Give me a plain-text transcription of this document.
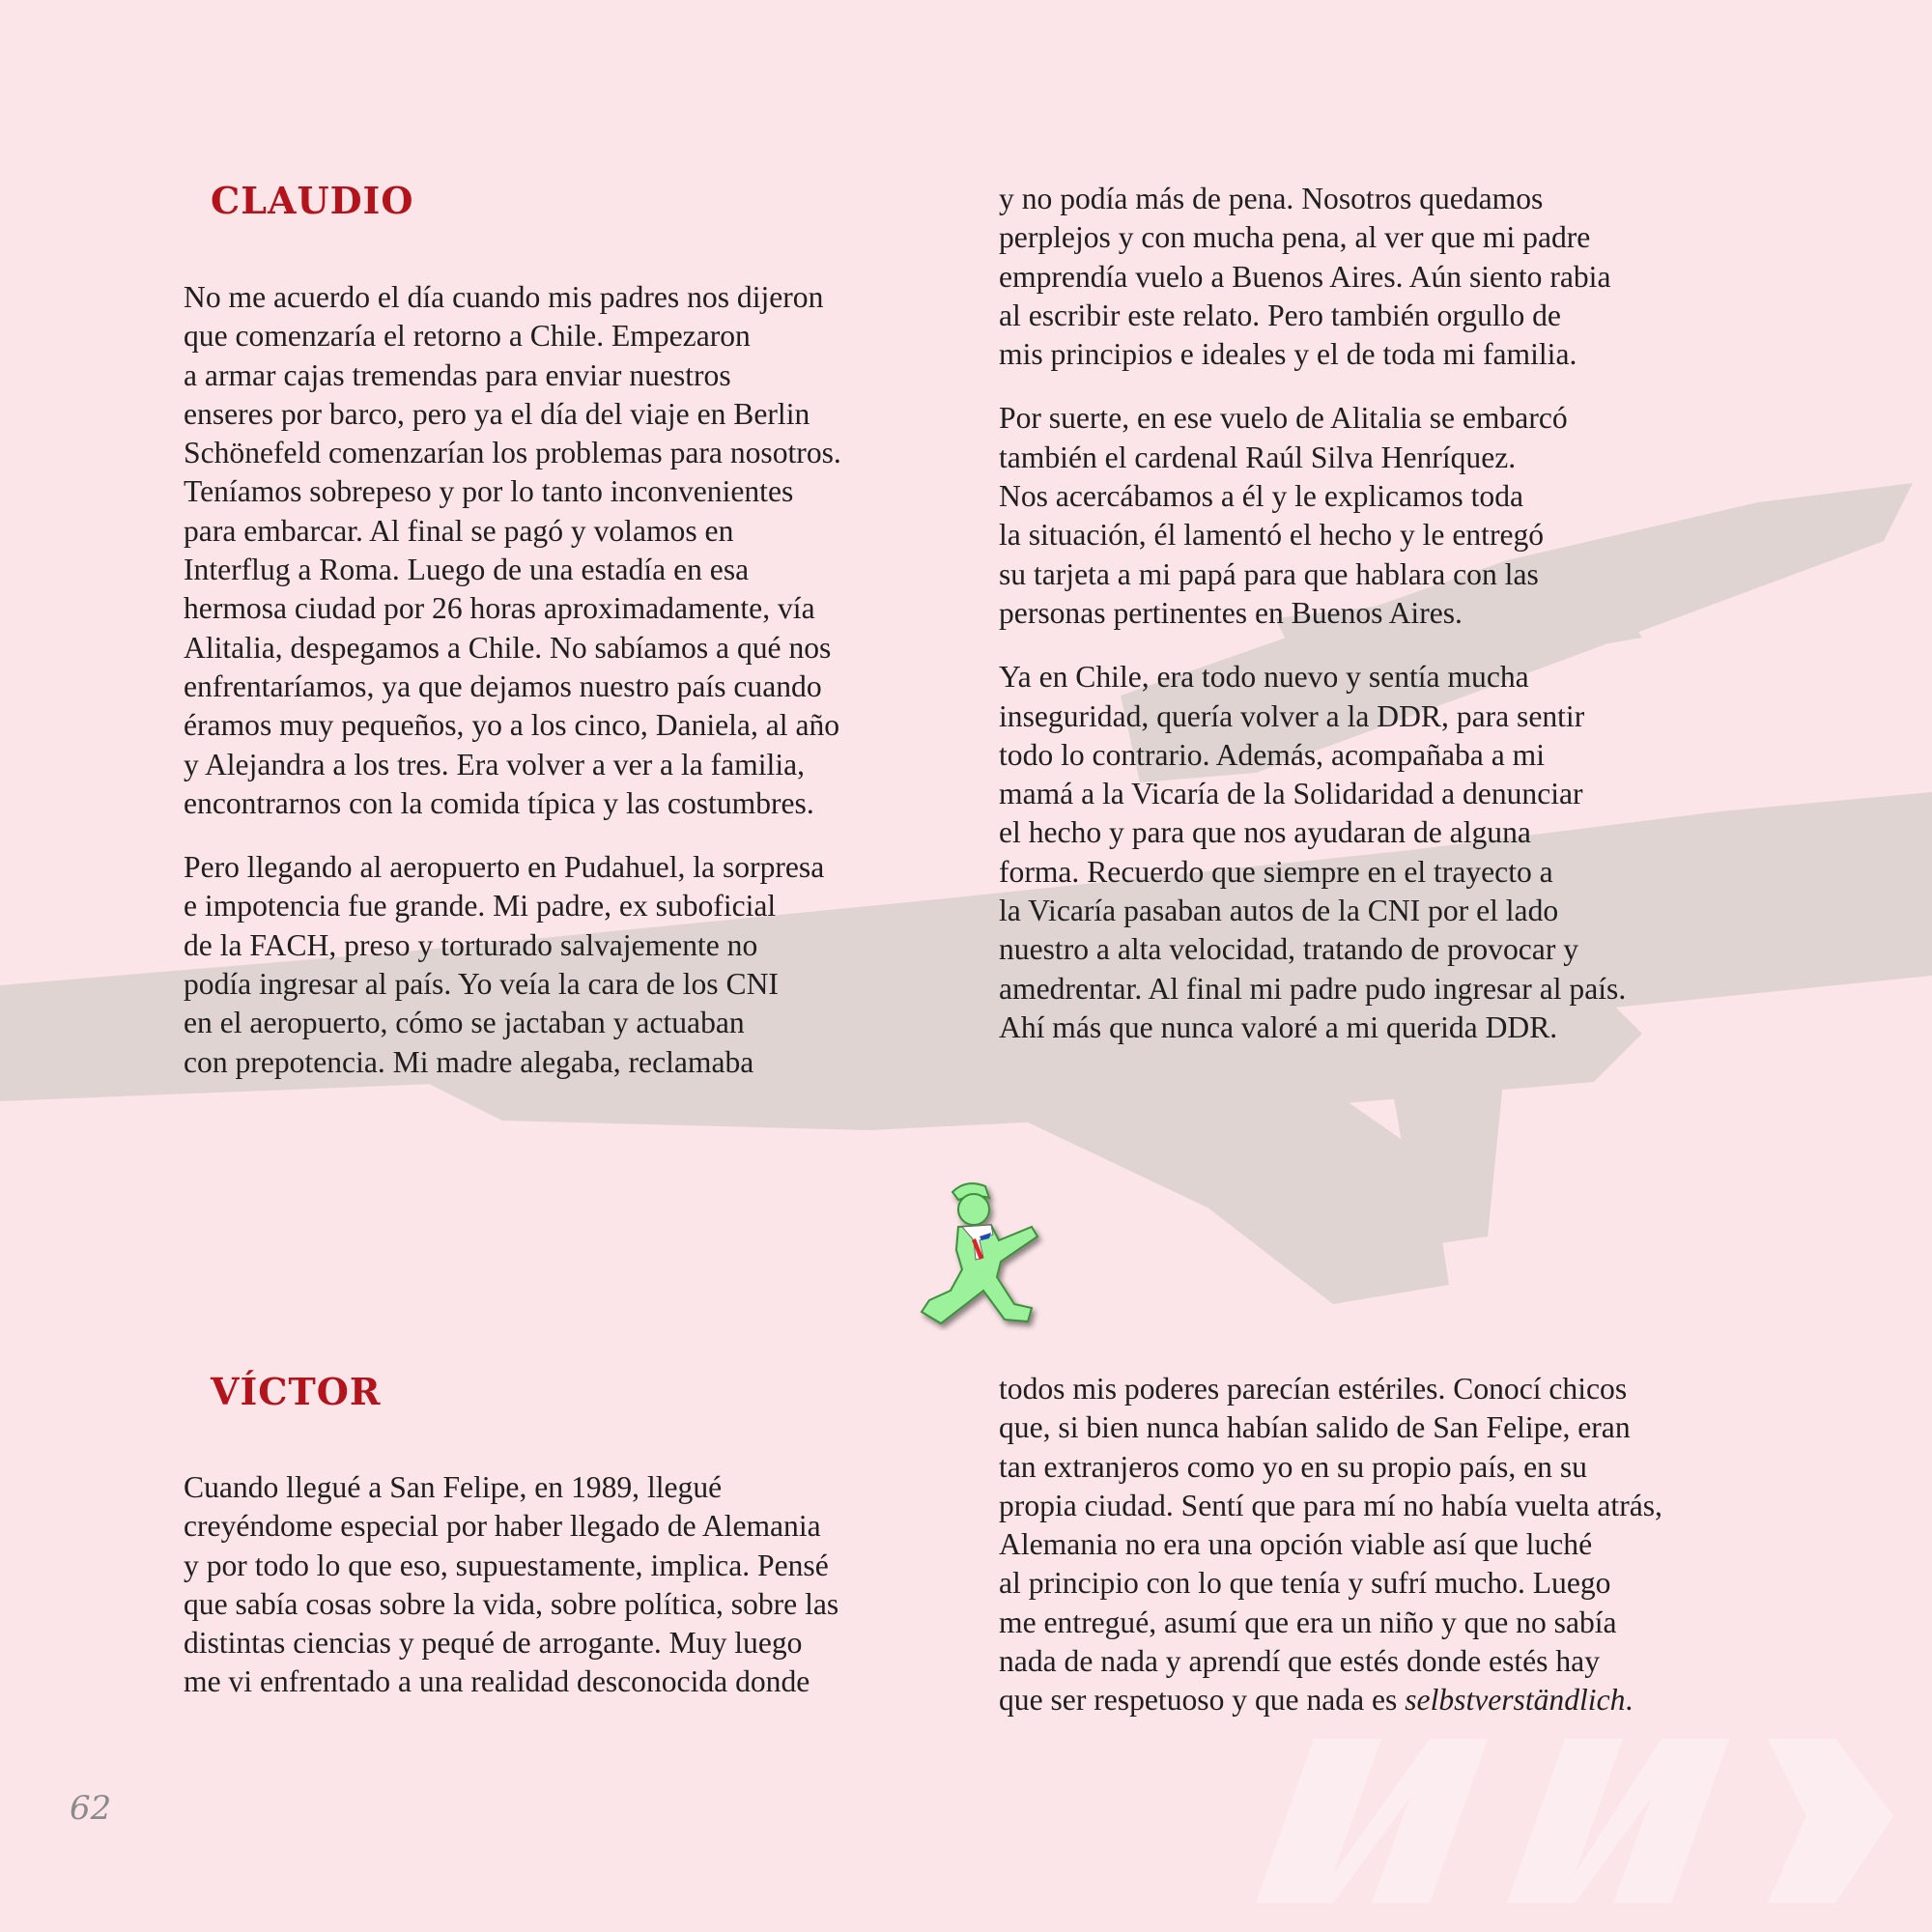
CLAUDIO

No me acuerdo el día cuando mis padres nos dijeron
que comenzaría el retorno a Chile. Empezaron
a armar cajas tremendas para enviar nuestros
enseres por barco, pero ya el día del viaje en Berlin
Schönefeld comenzarían los problemas para nosotros.
Teníamos sobrepeso y por lo tanto inconvenientes
para embarcar. Al final se pagó y volamos en
Interflug a Roma. Luego de una estadía en esa
hermosa ciudad por 26 horas aproximadamente, vía
Alitalia, despegamos a Chile. No sabíamos a qué nos
enfrentaríamos, ya que dejamos nuestro país cuando
éramos muy pequeños, yo a los cinco, Daniela, al año
y Alejandra a los tres. Era volver a ver a la familia,
encontrarnos con la comida típica y las costumbres.

Pero llegando al aeropuerto en Pudahuel, la sorpresa
e impotencia fue grande. Mi padre, ex suboficial
de la FACH, preso y torturado salvajemente no
podía ingresar al país. Yo veía la cara de los CNI
en el aeropuerto, cómo se jactaban y actuaban
con prepotencia. Mi madre alegaba, reclamaba

y no podía más de pena. Nosotros quedamos
perplejos y con mucha pena, al ver que mi padre
emprendía vuelo a Buenos Aires. Aún siento rabia
al escribir este relato. Pero también orgullo de
mis principios e ideales y el de toda mi familia.

Por suerte, en ese vuelo de Alitalia se embarcó
también el cardenal Raúl Silva Henríquez.
Nos acercábamos a él y le explicamos toda
la situación, él lamentó el hecho y le entregó
su tarjeta a mi papá para que hablara con las
personas pertinentes en Buenos Aires.

Ya en Chile, era todo nuevo y sentía mucha
inseguridad, quería volver a la DDR, para sentir
todo lo contrario. Además, acompañaba a mi
mamá a la Vicaría de la Solidaridad a denunciar
el hecho y para que nos ayudaran de alguna
forma. Recuerdo que siempre en el trayecto a
la Vicaría pasaban autos de la CNI por el lado
nuestro a alta velocidad, tratando de provocar y
amedrentar. Al final mi padre pudo ingresar al país.
Ahí más que nunca valoré a mi querida DDR.

VÍCTOR

Cuando llegué a San Felipe, en 1989, llegué
creyéndome especial por haber llegado de Alemania
y por todo lo que eso, supuestamente, implica. Pensé
que sabía cosas sobre la vida, sobre política, sobre las
distintas ciencias y pequé de arrogante. Muy luego
me vi enfrentado a una realidad desconocida donde

todos mis poderes parecían estériles. Conocí chicos
que, si bien nunca habían salido de San Felipe, eran
tan extranjeros como yo en su propio país, en su
propia ciudad. Sentí que para mí no había vuelta atrás,
Alemania no era una opción viable así que luché
al principio con lo que tenía y sufrí mucho. Luego
me entregué, asumí que era un niño y que no sabía
nada de nada y aprendí que estés donde estés hay
que ser respetuoso y que nada es selbstverständlich.

62
